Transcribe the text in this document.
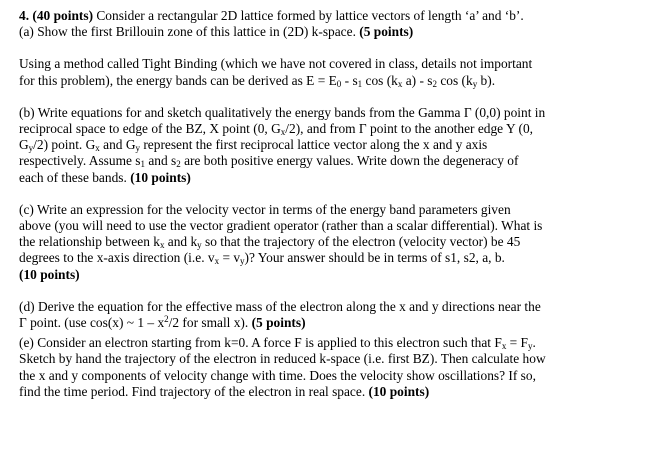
4. (40 points) Consider a rectangular 2D lattice formed by lattice vectors of length ‘a’ and ‘b’.

(a) Show the first Brillouin zone of this lattice in (2D) k-space. (5 points)

Using a method called Tight Binding (which we have not covered in class, details not important
for this problem), the energy bands can be derived as $E = E_0 - s_1$ $\cos (k_x$ $a) - s_2$ $\cos (k_y$ b).

(b) Write equations for and sketch qualitatively the energy bands from the Gamma Γ (0,0) point in
reciprocal space to edge of the BZ, X point (0, $G_x/2$), and from Γ point to the another edge Y (0,
$G_y/2$) point. $G_x$ and $G_y$ represent the first reciprocal lattice vector along the x and y axis
respectively. Assume $s_1$ and $s_2$ are both positive energy values. Write down the degeneracy of
each of these bands. (10 points)

(c) Write an expression for the velocity vector in terms of the energy band parameters given
above (you will need to use the vector gradient operator (rather than a scalar differential). What is
the relationship between $k_x$ and $k_y$ so that the trajectory of the electron (velocity vector) be 45
degrees to the x-axis direction (i.e. $v_x = v_y$)? Your answer should be in terms of s1, s2, a, b.
(10 points)

(d) Derive the equation for the effective mass of the electron along the x and y directions near the
Γ point. (use cos(x) ~ $1 - x^2/2$ for small x). (5 points)

(e) Consider an electron starting from k=0. A force F is applied to this electron such that $F_x = F_y$.
Sketch by hand the trajectory of the electron in reduced k-space (i.e. first BZ). Then calculate how
the x and y components of velocity change with time. Does the velocity show oscillations? If so,
find the time period. Find trajectory of the electron in real space. (10 points)
